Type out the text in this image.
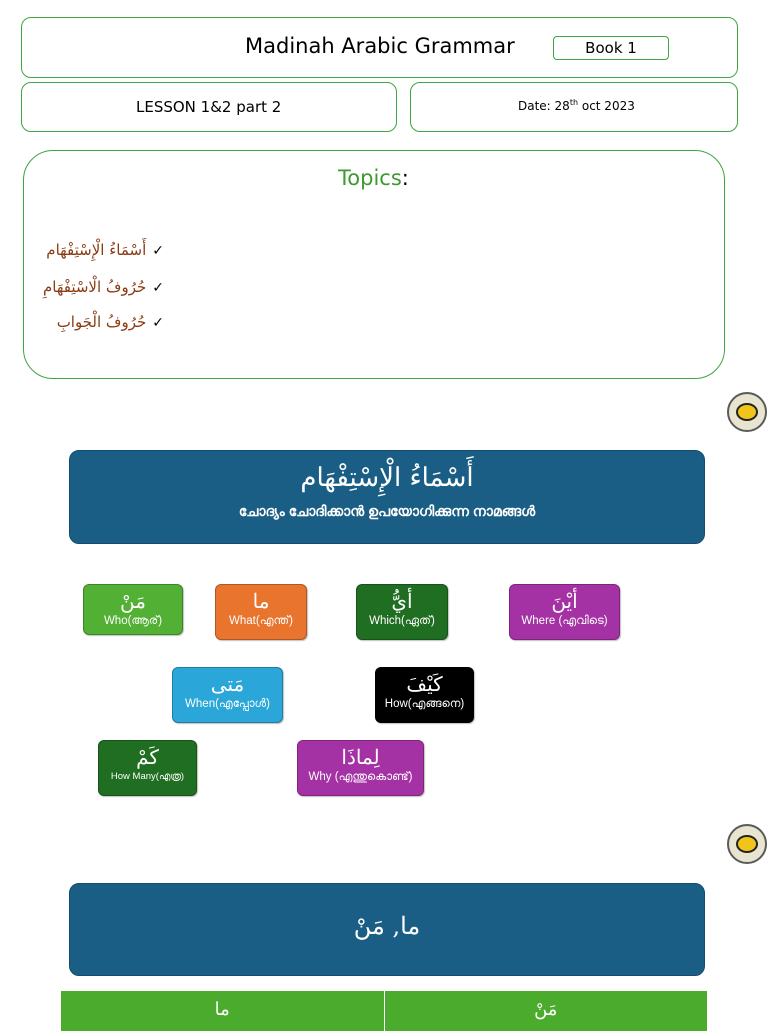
Madinah Arabic Grammar	Book 1
LESSON 1&2 part 2	Date: 28th oct 2023
Topics:
أَسْمَاءُ الْإِسْتِفْهَام ✓
حُرُوفُ الْاسْتِفْهَامِ ✓
حُرُوفُ الْجَوابِ ✓
أَسْمَاءُ الْإِسْتِفْهَام
ചോദ്യം ചോദിക്കാൻ ഉപയോഗിക്കുന്ന നാമങ്ങൾ
مَنْ
Who(ആര്)
ما
What(എന്ത്)
أيُّ
Which(ഏത്)
أيْنَ
Where (എവിടെ)
مَتى
When(എപ്പോൾ)
كَيْفَ
How(എങ്ങനെ)
كَمْ
How Many(എത്ര)
لِماذَا
Why (എന്തുകൊണ്ട്)
ما, مَنْ
ما	مَنْ
